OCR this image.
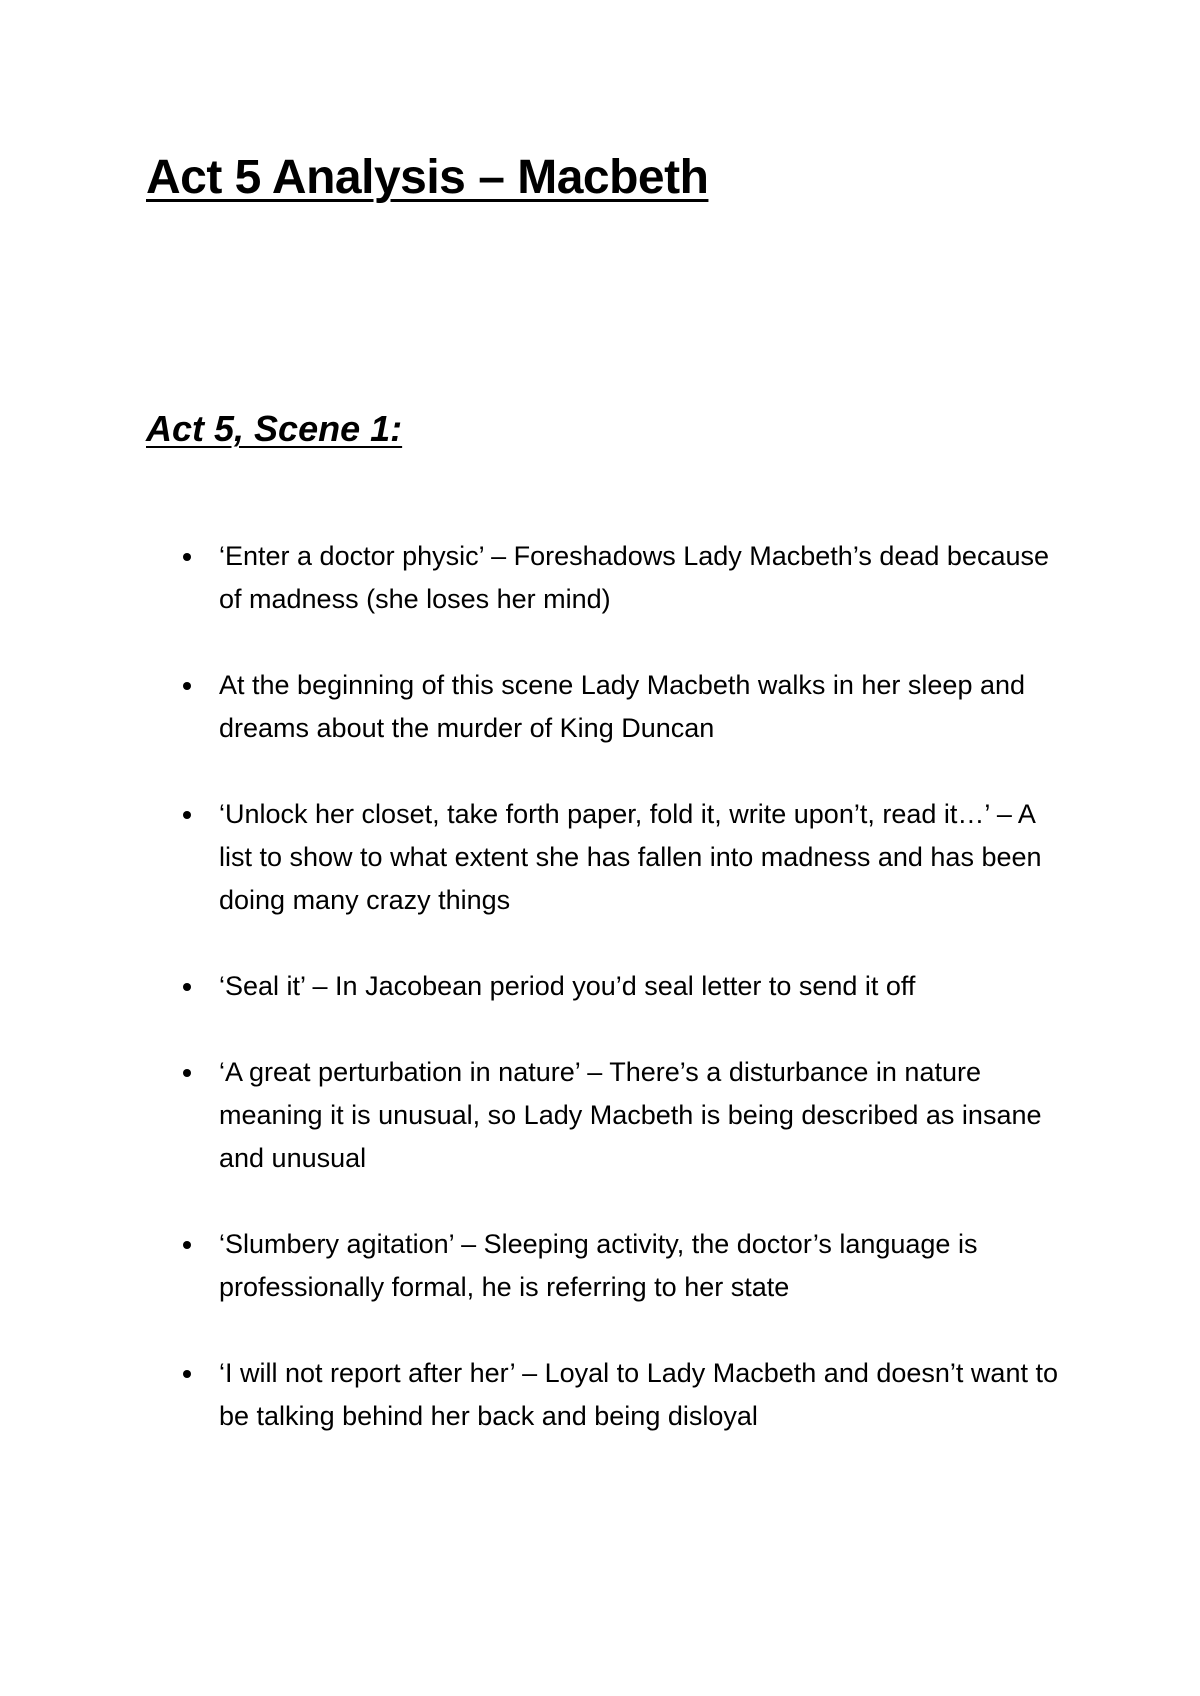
Act 5 Analysis – Macbeth
Act 5, Scene 1:
‘Enter a doctor physic’ – Foreshadows Lady Macbeth’s dead because of madness (she loses her mind)
At the beginning of this scene Lady Macbeth walks in her sleep and dreams about the murder of King Duncan
‘Unlock her closet, take forth paper, fold it, write upon’t, read it…’ – A list to show to what extent she has fallen into madness and has been doing many crazy things
‘Seal it’ – In Jacobean period you’d seal letter to send it off
‘A great perturbation in nature’ – There’s a disturbance in nature meaning it is unusual, so Lady Macbeth is being described as insane and unusual
‘Slumbery agitation’ – Sleeping activity, the doctor’s language is professionally formal, he is referring to her state
‘I will not report after her’ – Loyal to Lady Macbeth and doesn’t want to be talking behind her back and being disloyal
